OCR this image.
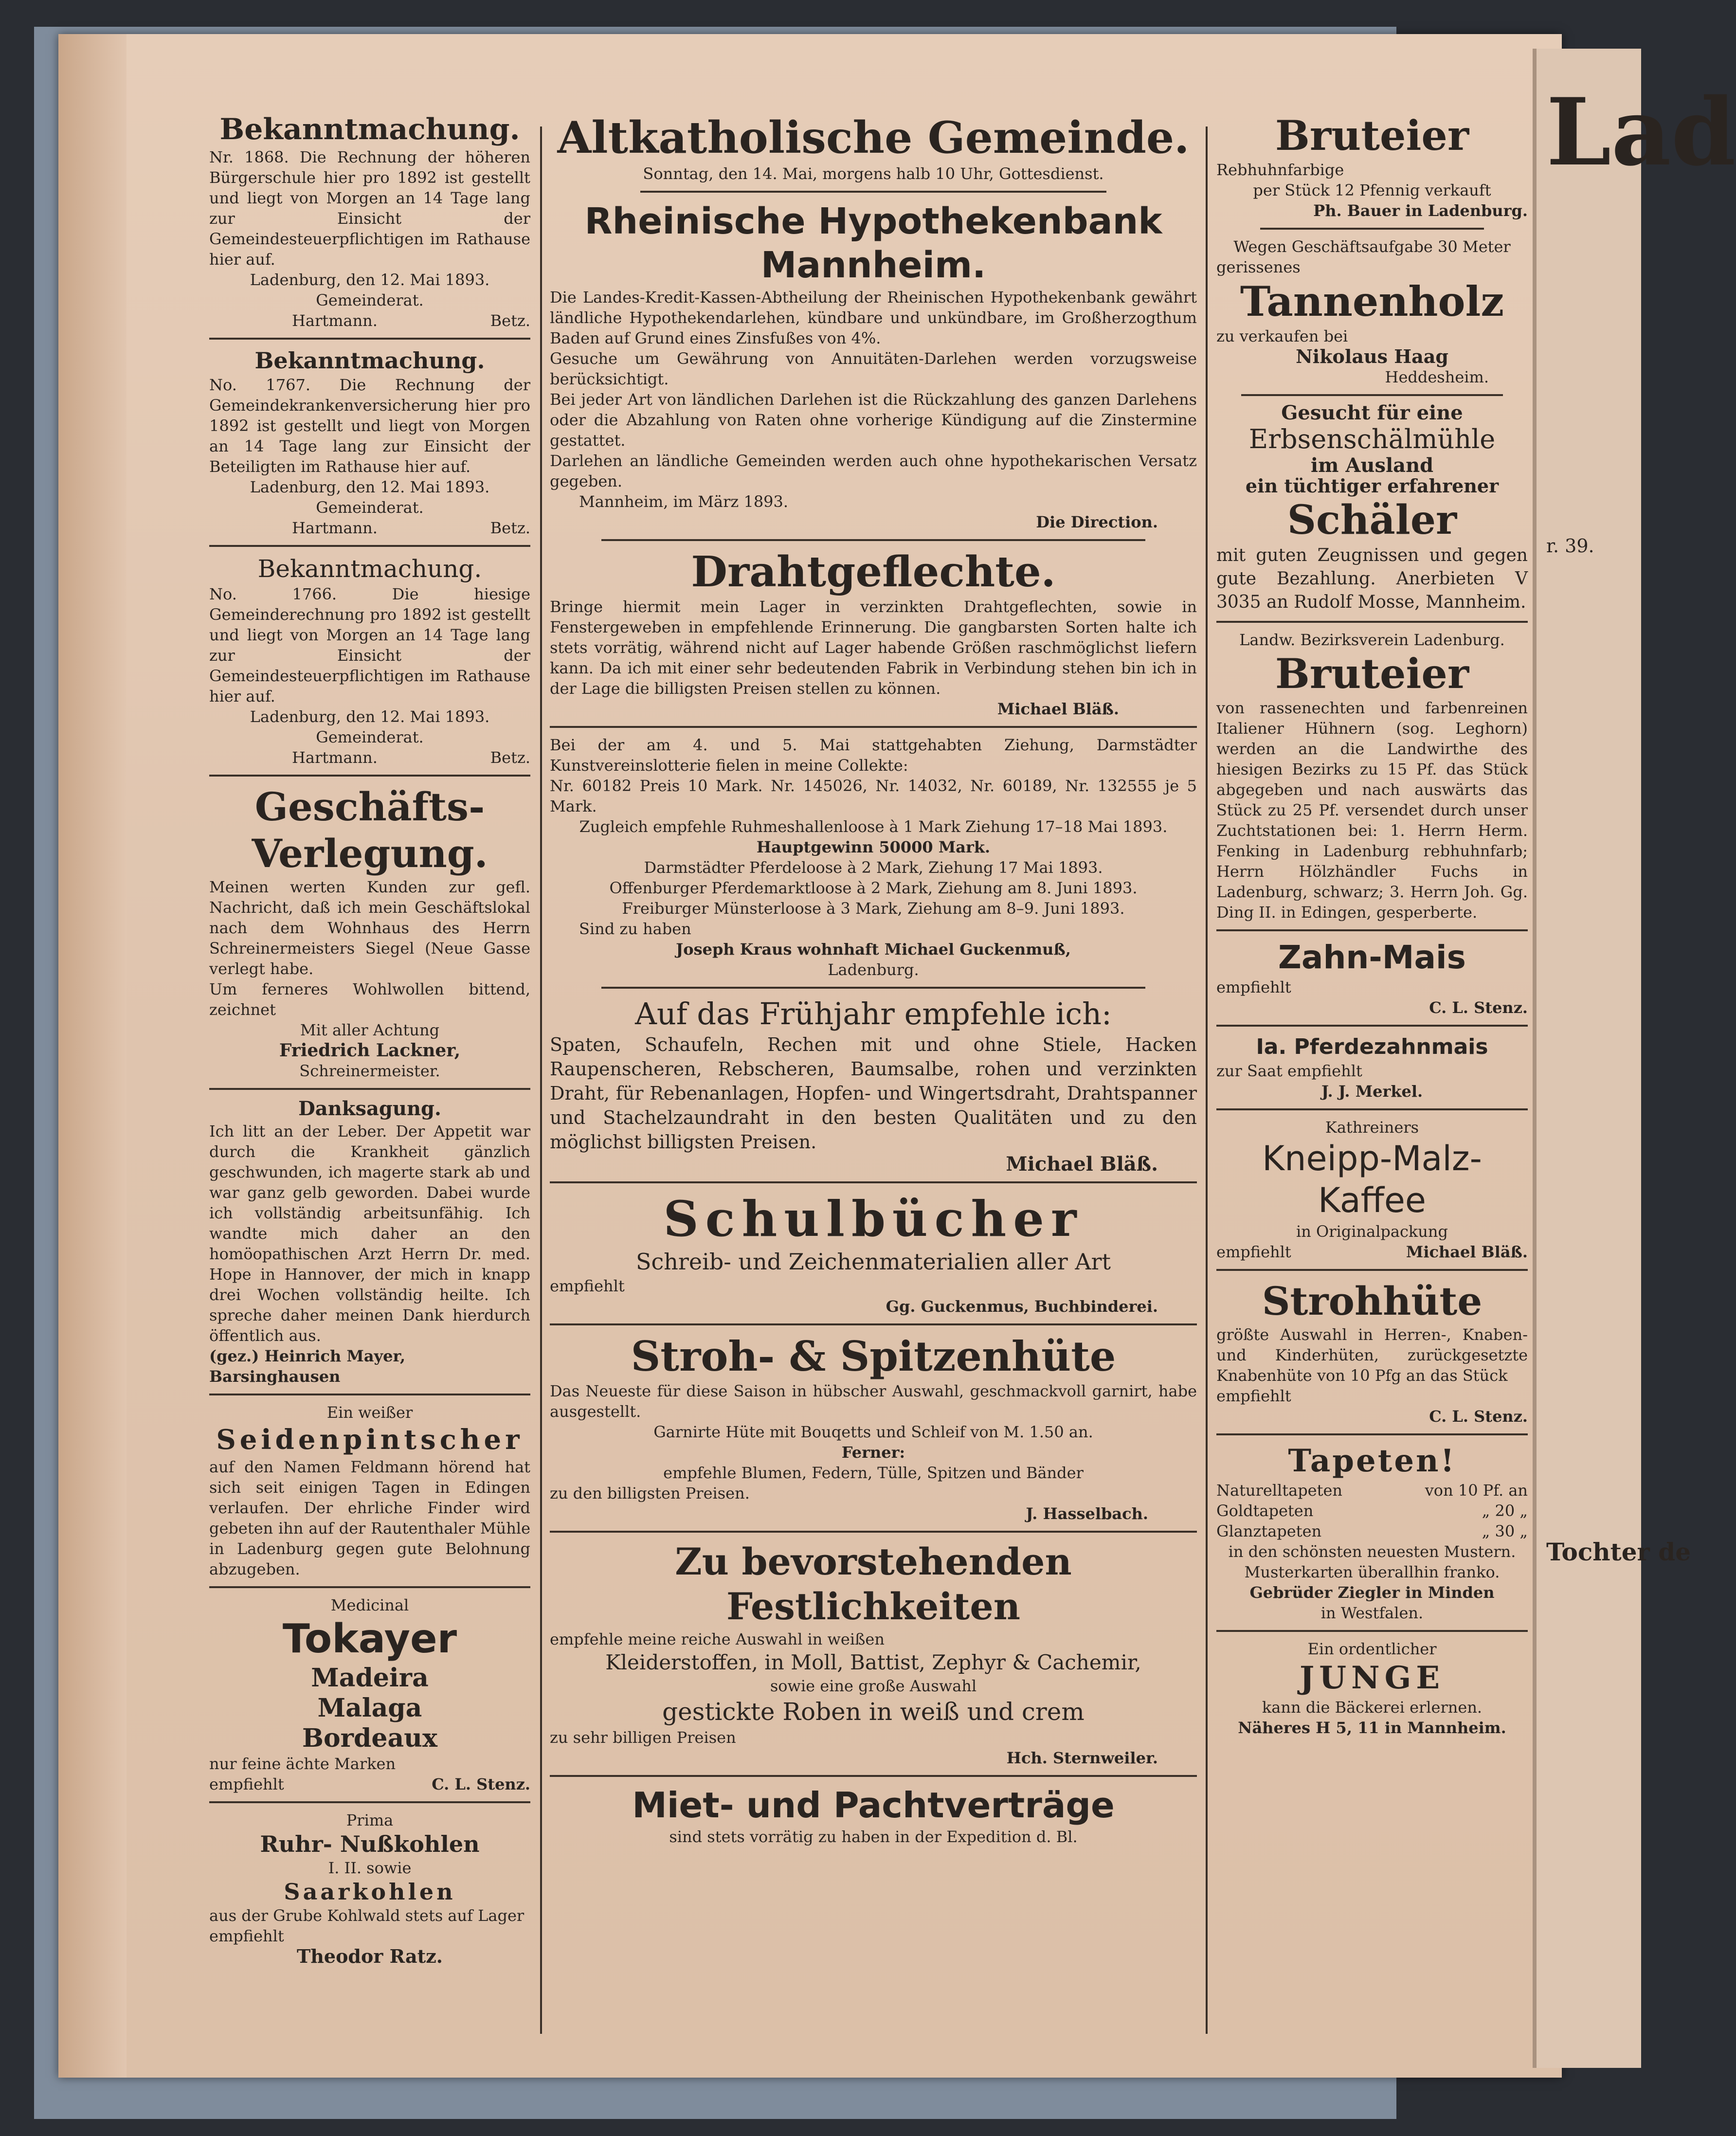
Lad
r. 39.
Tochter de
Bekanntmachung.

Nr. 1868. Die Rechnung der höheren Bürgerschule hier pro 1892 ist gestellt und liegt von Morgen an 14 Tage lang zur Einsicht der Gemeindesteuerpflichtigen im Rathause hier auf.

Ladenburg, den 12. Mai 1893.

Gemeinderat.

Hartmann.	Betz.
Bekanntmachung.

No. 1767. Die Rechnung der Gemeindekrankenversicherung hier pro 1892 ist gestellt und liegt von Morgen an 14 Tage lang zur Einsicht der Beteiligten im Rathause hier auf.

Ladenburg, den 12. Mai 1893.

Gemeinderat.

Hartmann.	Betz.
Bekanntmachung.

No. 1766. Die hiesige Gemeinderechnung pro 1892 ist gestellt und liegt von Morgen an 14 Tage lang zur Einsicht der Gemeindesteuerpflichtigen im Rathause hier auf.

Ladenburg, den 12. Mai 1893.

Gemeinderat.

Hartmann.	Betz.
Geschäfts-
Verlegung.

Meinen werten Kunden zur gefl. Nachricht, daß ich mein Geschäftslokal nach dem Wohnhaus des Herrn Schreinermeisters Siegel (Neue Gasse verlegt habe.

Um ferneres Wohlwollen bittend, zeichnet

Mit aller Achtung

Friedrich Lackner,

Schreinermeister.

Danksagung.

Ich litt an der Leber. Der Appetit war durch die Krankheit gänzlich geschwunden, ich magerte stark ab und war ganz gelb geworden. Dabei wurde ich vollständig arbeitsunfähig. Ich wandte mich daher an den homöopathischen Arzt Herrn Dr. med. Hope in Hannover, der mich in knapp drei Wochen vollständig heilte. Ich spreche daher meinen Dank hierdurch öffentlich aus.

(gez.) Heinrich Mayer, Barsinghausen

Ein weißer

Seidenpintscher

auf den Namen Feldmann hörend hat sich seit einigen Tagen in Edingen verlaufen. Der ehrliche Finder wird gebeten ihn auf der Rautenthaler Mühle in Ladenburg gegen gute Belohnung abzugeben.

Medicinal

Tokayer
Madeira
Malaga
Bordeaux

nur feine ächte Marken

empfiehlt	C. L. Stenz.

Prima

Ruhr- Nußkohlen

I. II. sowie

Saarkohlen

aus der Grube Kohlwald stets auf Lager

empfiehlt

Theodor Ratz.

Altkatholische Gemeinde.

Sonntag, den 14. Mai, morgens halb 10 Uhr, Gottesdienst.

Rheinische Hypothekenbank
Mannheim.

Die Landes-Kredit-Kassen-Abtheilung der Rheinischen Hypothekenbank gewährt ländliche Hypothekendarlehen, kündbare und unkündbare, im Großherzogthum Baden auf Grund eines Zinsfußes von 4%.

Gesuche um Gewährung von Annuitäten-Darlehen werden vorzugsweise berücksichtigt.

Bei jeder Art von ländlichen Darlehen ist die Rückzahlung des ganzen Darlehens oder die Abzahlung von Raten ohne vorherige Kündigung auf die Zinstermine gestattet.

Darlehen an ländliche Gemeinden werden auch ohne hypothekarischen Versatz gegeben.

Mannheim, im März 1893.

Die Direction.

Drahtgeflechte.

Bringe hiermit mein Lager in verzinkten Drahtgeflechten, sowie in Fenstergeweben in empfehlende Erinnerung. Die gangbarsten Sorten halte ich stets vorrätig, während nicht auf Lager habende Größen raschmöglichst liefern kann. Da ich mit einer sehr bedeutenden Fabrik in Verbindung stehen bin ich in der Lage die billigsten Preisen stellen zu können.

Michael Bläß.

Bei der am 4. und 5. Mai stattgehabten Ziehung, Darmstädter Kunstvereinslotterie fielen in meine Collekte:

Nr. 60182 Preis 10 Mark. Nr. 145026, Nr. 14032, Nr. 60189, Nr. 132555 je 5 Mark.

Zugleich empfehle Ruhmeshallenloose à 1 Mark Ziehung 17–18 Mai 1893.

Hauptgewinn 50000 Mark.

Darmstädter Pferdeloose à 2 Mark, Ziehung 17 Mai 1893.

Offenburger Pferdemarktloose à 2 Mark, Ziehung am 8. Juni 1893.

Freiburger Münsterloose à 3 Mark, Ziehung am 8–9. Juni 1893.

Sind zu haben

Joseph Kraus wohnhaft Michael Guckenmuß,

Ladenburg.

Auf das Frühjahr empfehle ich:

Spaten, Schaufeln, Rechen mit und ohne Stiele, Hacken Raupenscheren, Rebscheren, Baumsalbe, rohen und verzinkten Draht, für Rebenanlagen, Hopfen- und Wingertsdraht, Drahtspanner und Stachelzaundraht in den besten Qualitäten und zu den möglichst billigsten Preisen.

Michael Bläß.

Schulbücher

Schreib- und Zeichenmaterialien aller Art

empfiehlt

Gg. Guckenmus, Buchbinderei.

Stroh- & Spitzenhüte

Das Neueste für diese Saison in hübscher Auswahl, geschmackvoll garnirt, habe ausgestellt.

Garnirte Hüte mit Bouqetts und Schleif von M. 1.50 an.

Ferner:

empfehle Blumen, Federn, Tülle, Spitzen und Bänder

zu den billigsten Preisen.

J. Hasselbach.

Zu bevorstehenden Festlichkeiten

empfehle meine reiche Auswahl in weißen

Kleiderstoffen, in Moll, Battist, Zephyr & Cachemir,

sowie eine große Auswahl

gestickte Roben in weiß und crem

zu sehr billigen Preisen

Hch. Sternweiler.

Miet- und Pachtverträge

sind stets vorrätig zu haben in der Expedition d. Bl.

Bruteier

Rebhuhnfarbige

per Stück 12 Pfennig verkauft

Ph. Bauer in Ladenburg.

Wegen Geschäftsaufgabe 30 Meter

gerissenes

Tannenholz

zu verkaufen bei

Nikolaus Haag

Heddesheim.

Gesucht für eine

Erbsenschälmühle

im Ausland

ein tüchtiger erfahrener

Schäler

mit guten Zeugnissen und gegen gute Bezahlung. Anerbieten V 3035 an Rudolf Mosse, Mannheim.

Landw. Bezirksverein Ladenburg.

Bruteier

von rassenechten und farbenreinen Italiener Hühnern (sog. Leghorn) werden an die Landwirthe des hiesigen Bezirks zu 15 Pf. das Stück abgegeben und nach auswärts das Stück zu 25 Pf. versendet durch unser Zuchtstationen bei: 1. Herrn Herm. Fenking in Ladenburg rebhuhnfarb; Herrn Hölzhändler Fuchs in Ladenburg, schwarz; 3. Herrn Joh. Gg. Ding II. in Edingen, gesperberte.

Zahn-Mais

empfiehlt

C. L. Stenz.

Ia. Pferdezahnmais

zur Saat empfiehlt

J. J. Merkel.

Kathreiners

Kneipp-Malz-
Kaffee

in Originalpackung

empfiehlt	Michael Bläß.
Strohhüte

größte Auswahl in Herren-, Knaben- und Kinderhüten, zurückgesetzte Knabenhüte von 10 Pfg an das Stück

empfiehlt

C. L. Stenz.

Tapeten!
Naturelltapeten	von 10 Pf. an
Goldtapeten	„ 20 „
Glanztapeten	„ 30 „

in den schönsten neuesten Mustern.

Musterkarten überallhin franko.

Gebrüder Ziegler in Minden

in Westfalen.

Ein ordentlicher

JUNGE

kann die Bäckerei erlernen.

Näheres H 5, 11 in Mannheim.
